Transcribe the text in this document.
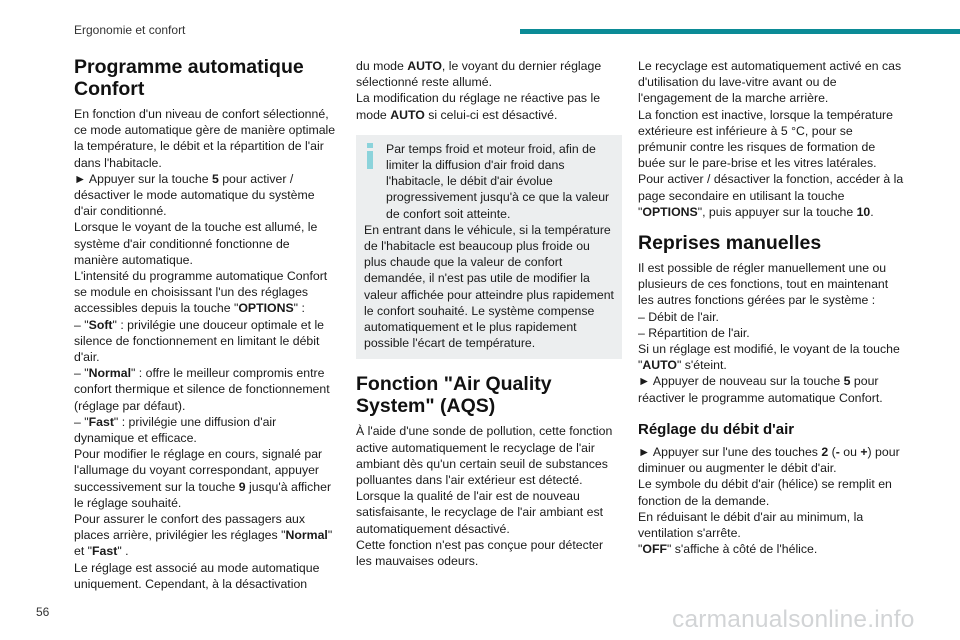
Ergonomie et confort
Programme automatique Confort

En fonction d'un niveau de confort sélectionné, ce mode automatique gère de manière optimale la température, le débit et la répartition de l'air dans l'habitacle.

► Appuyer sur la touche 5 pour activer / désactiver le mode automatique du système d'air conditionné.

Lorsque le voyant de la touche est allumé, le système d'air conditionné fonctionne de manière automatique.

L'intensité du programme automatique Confort se module en choisissant l'un des réglages accessibles depuis la touche "OPTIONS" :

– "Soft" : privilégie une douceur optimale et le silence de fonctionnement en limitant le débit d'air.

– "Normal" : offre le meilleur compromis entre confort thermique et silence de fonctionnement (réglage par défaut).

– "Fast" : privilégie une diffusion d'air dynamique et efficace.

Pour modifier le réglage en cours, signalé par l'allumage du voyant correspondant, appuyer successivement sur la touche 9 jusqu'à afficher le réglage souhaité.

Pour assurer le confort des passagers aux places arrière, privilégier les réglages "Normal" et "Fast" .

Le réglage est associé au mode automatique uniquement. Cependant, à la désactivation

du mode AUTO, le voyant du dernier réglage sélectionné reste allumé.

La modification du réglage ne réactive pas le mode AUTO si celui-ci est désactivé.

Par temps froid et moteur froid, afin de limiter la diffusion d'air froid dans l'habitacle, le débit d'air évolue progressivement jusqu'à ce que la valeur de confort soit atteinte.

En entrant dans le véhicule, si la température de l'habitacle est beaucoup plus froide ou plus chaude que la valeur de confort demandée, il n'est pas utile de modifier la valeur affichée pour atteindre plus rapidement le confort souhaité. Le système compense automatiquement et le plus rapidement possible l'écart de température.

Fonction "Air Quality System" (AQS)

À l'aide d'une sonde de pollution, cette fonction active automatiquement le recyclage de l'air ambiant dès qu'un certain seuil de substances polluantes dans l'air extérieur est détecté.

Lorsque la qualité de l'air est de nouveau satisfaisante, le recyclage de l'air ambiant est automatiquement désactivé.

Cette fonction n'est pas conçue pour détecter les mauvaises odeurs.

Le recyclage est automatiquement activé en cas d'utilisation du lave-vitre avant ou de l'engagement de la marche arrière.

La fonction est inactive, lorsque la température extérieure est inférieure à 5 °C, pour se prémunir contre les risques de formation de buée sur le pare-brise et les vitres latérales.

Pour activer / désactiver la fonction, accéder à la page secondaire en utilisant la touche "OPTIONS", puis appuyer sur la touche 10.

Reprises manuelles

Il est possible de régler manuellement une ou plusieurs de ces fonctions, tout en maintenant les autres fonctions gérées par le système :

– Débit de l'air.

– Répartition de l'air.

Si un réglage est modifié, le voyant de la touche "AUTO" s'éteint.

► Appuyer de nouveau sur la touche 5 pour réactiver le programme automatique Confort.

Réglage du débit d'air

► Appuyer sur l'une des touches 2 (- ou +) pour diminuer ou augmenter le débit d'air.

Le symbole du débit d'air (hélice) se remplit en fonction de la demande.

En réduisant le débit d'air au minimum, la ventilation s'arrête.

"OFF" s'affiche à côté de l'hélice.

56	carmanualsonline.info
